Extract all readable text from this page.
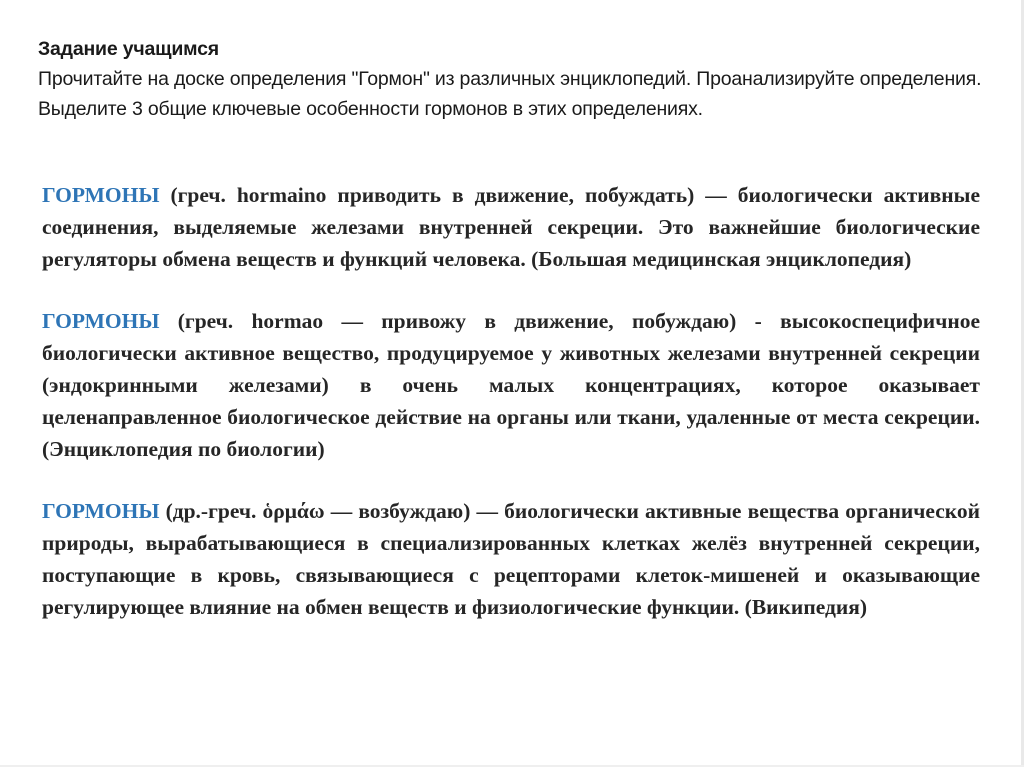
Задание учащимся
Прочитайте на доске определения "Гормон" из различных энциклопедий. Проанализируйте определения.
Выделите 3 общие ключевые особенности гормонов в этих определениях.

ГОРМОНЫ (греч. hormaino приводить в движение, побуждать) — биологически активные соединения, выделяемые железами внутренней секреции. Это важнейшие биологические регуляторы обмена веществ и функций человека. (Большая медицинская энциклопедия)

ГОРМОНЫ (греч. hormao — привожу в движение, побуждаю) - высокоспецифичное биологически активное вещество, продуцируемое у животных железами внутренней секреции (эндокринными железами) в очень малых концентрациях, которое оказывает целенаправленное биологическое действие на органы или ткани, удаленные от места секреции. (Энциклопедия по биологии)

ГОРМОНЫ (др.-греч. ὁρμάω — возбуждаю) — биологически активные вещества органической природы, вырабатывающиеся в специализированных клетках желёз внутренней секреции, поступающие в кровь, связывающиеся с рецепторами клеток-мишеней и оказывающие регулирующее влияние на обмен веществ и физиологические функции. (Википедия)
